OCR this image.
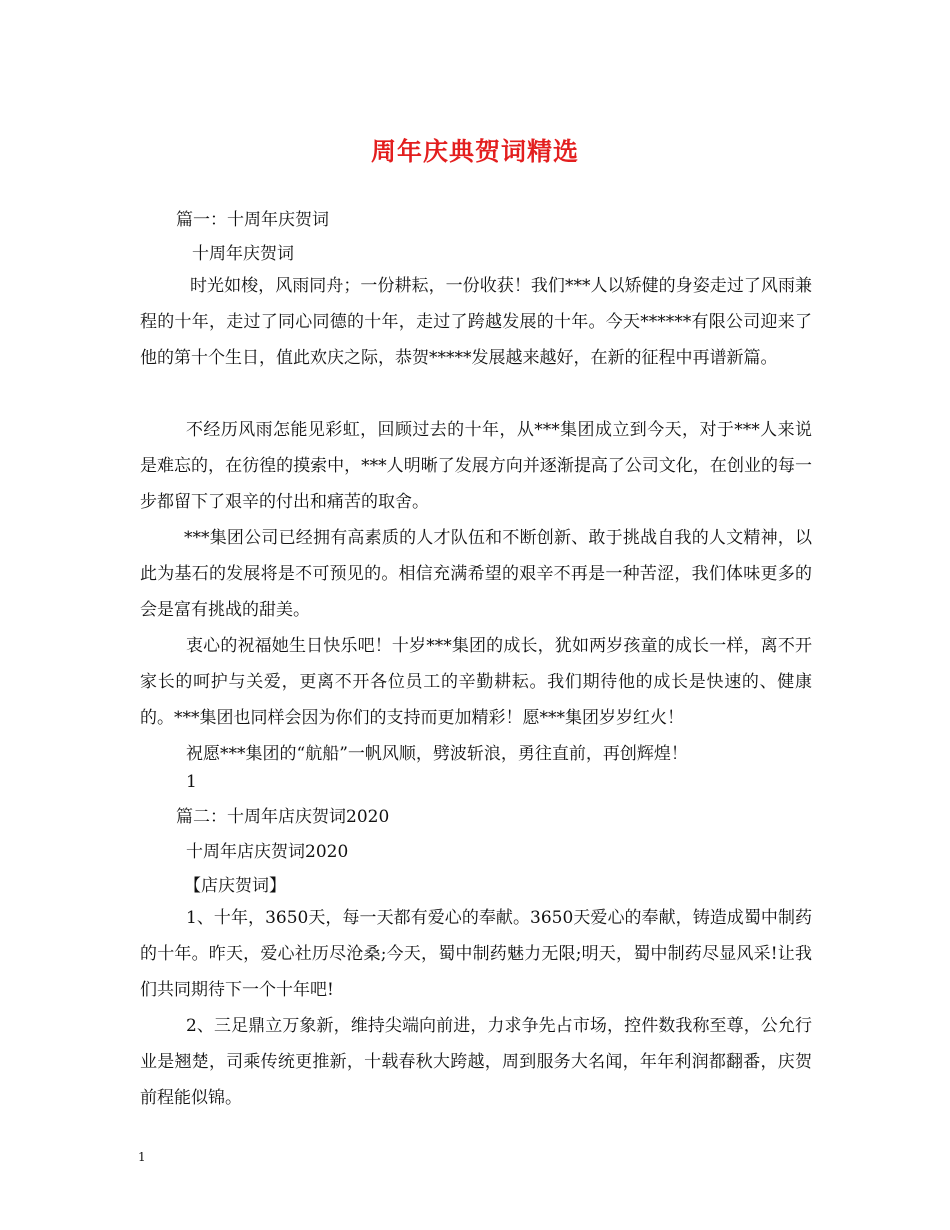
周年庆典贺词精选
篇一：十周年庆贺词
十周年庆贺词
时光如梭，风雨同舟；一份耕耘，一份收获！我们***人以矫健的身姿走过了风雨兼程的十年，走过了同心同德的十年，走过了跨越发展的十年。今天******有限公司迎来了他的第十个生日，值此欢庆之际，恭贺*****发展越来越好，在新的征程中再谱新篇。
不经历风雨怎能见彩虹，回顾过去的十年，从***集团成立到今天，对于***人来说是难忘的，在彷徨的摸索中，***人明晰了发展方向并逐渐提高了公司文化，在创业的每一步都留下了艰辛的付出和痛苦的取舍。
***集团公司已经拥有高素质的人才队伍和不断创新、敢于挑战自我的人文精神，以此为基石的发展将是不可预见的。相信充满希望的艰辛不再是一种苦涩，我们体味更多的会是富有挑战的甜美。
衷心的祝福她生日快乐吧！十岁***集团的成长，犹如两岁孩童的成长一样，离不开家长的呵护与关爱，更离不开各位员工的辛勤耕耘。我们期待他的成长是快速的、健康的。***集团也同样会因为你们的支持而更加精彩！愿***集团岁岁红火！
祝愿***集团的“航船”一帆风顺，劈波斩浪，勇往直前，再创辉煌！
1
篇二：十周年店庆贺词2020
十周年店庆贺词2020
【店庆贺词】
1、十年，3650天，每一天都有爱心的奉献。3650天爱心的奉献，铸造成蜀中制药的十年。昨天，爱心社历尽沧桑;今天，蜀中制药魅力无限;明天，蜀中制药尽显风采!让我们共同期待下一个十年吧!
2、三足鼎立万象新，维持尖端向前进，力求争先占市场，控件数我称至尊，公允行业是翘楚，司乘传统更推新，十载春秋大跨越，周到服务大名闻，年年利润都翻番，庆贺前程能似锦。
1
